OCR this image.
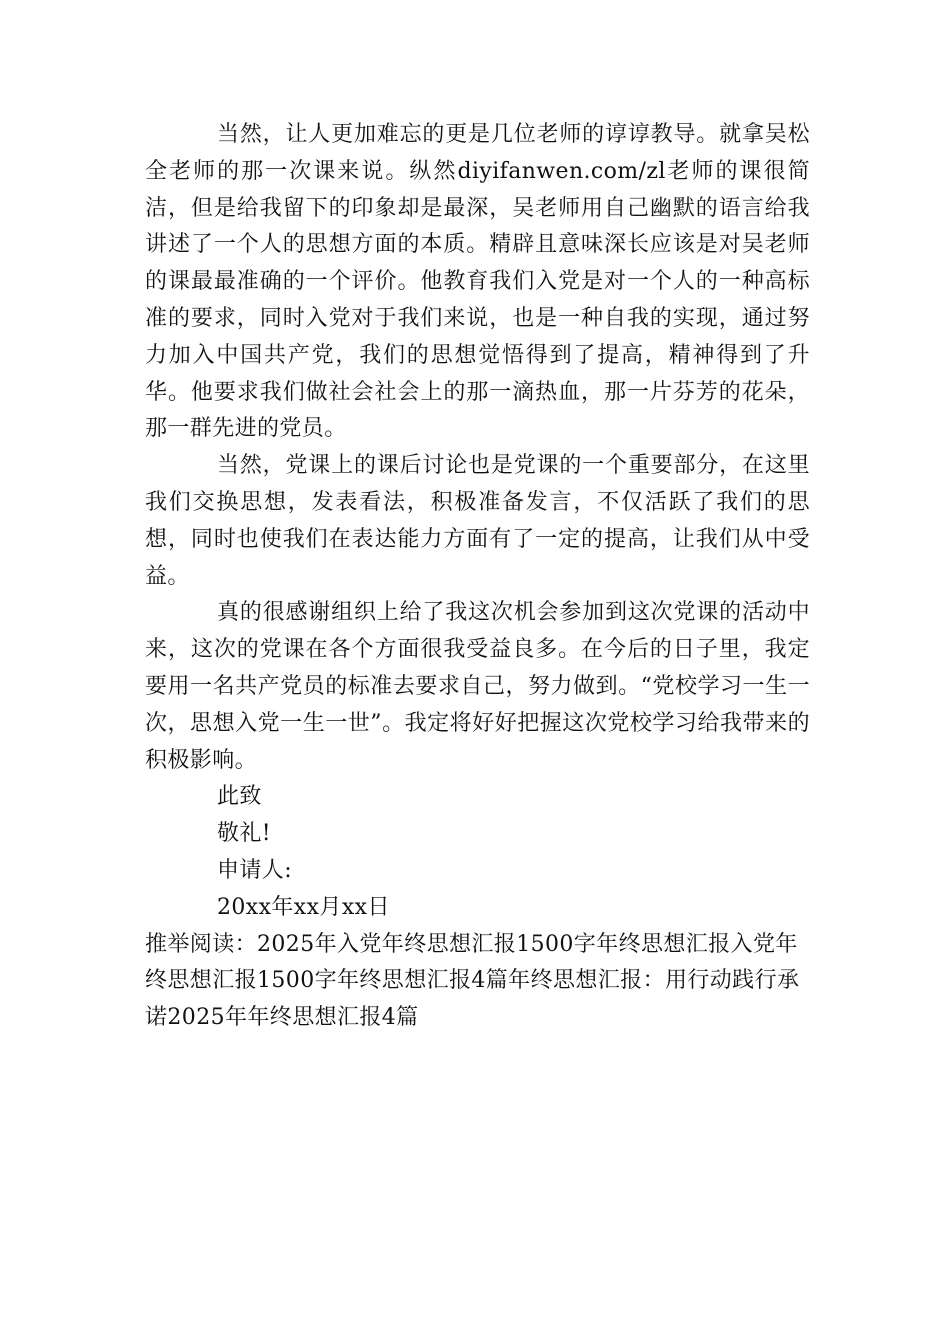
当然，让人更加难忘的更是几位老师的谆谆教导。就拿吴松全老师的那一次课来说。纵然diyifanwen.com/zl老师的课很简洁，但是给我留下的印象却是最深，吴老师用自己幽默的语言给我讲述了一个人的思想方面的本质。精辟且意味深长应该是对吴老师的课最最准确的一个评价。他教育我们入党是对一个人的一种高标准的要求，同时入党对于我们来说，也是一种自我的实现，通过努力加入中国共产党，我们的思想觉悟得到了提高，精神得到了升华。他要求我们做社会社会上的那一滴热血，那一片芬芳的花朵，那一群先进的党员。

当然，党课上的课后讨论也是党课的一个重要部分，在这里我们交换思想，发表看法，积极准备发言，不仅活跃了我们的思想，同时也使我们在表达能力方面有了一定的提高，让我们从中受益。

真的很感谢组织上给了我这次机会参加到这次党课的活动中来，这次的党课在各个方面很我受益良多。在今后的日子里，我定要用一名共产党员的标准去要求自己，努力做到。“党校学习一生一次，思想入党一生一世”。我定将好好把握这次党校学习给我带来的积极影响。

此致

敬礼!

申请人:

20xx年xx月xx日

推举阅读：2025年入党年终思想汇报1500字年终思想汇报入党年终思想汇报1500字年终思想汇报4篇年终思想汇报：用行动践行承诺2025年年终思想汇报4篇
